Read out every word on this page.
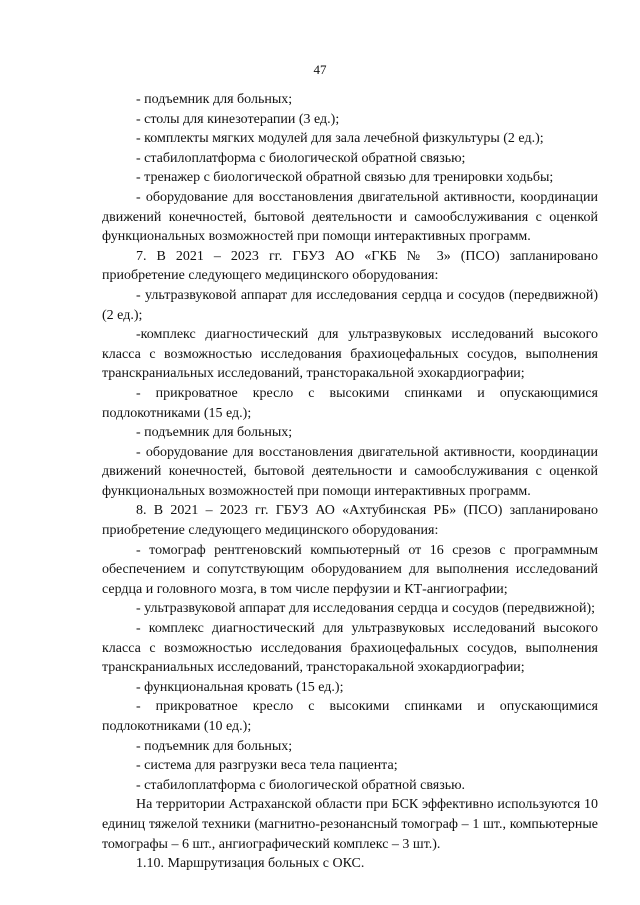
47

- подъемник для больных;

- столы для кинезотерапии (3 ед.);

- комплекты мягких модулей для зала лечебной физкультуры (2 ед.);

- стабилоплатформа с биологической обратной связью;

- тренажер с биологической обратной связью для тренировки ходьбы;

- оборудование для восстановления двигательной активности, координации движений конечностей, бытовой деятельности и самообслуживания с оценкой функциональных возможностей при помощи интерактивных программ.

7. В 2021 – 2023 гг. ГБУЗ АО «ГКБ № 3» (ПСО) запланировано приобретение следующего медицинского оборудования:

- ультразвуковой аппарат для исследования сердца и сосудов (передвижной) (2 ед.);

-комплекс диагностический для ультразвуковых исследований высокого класса с возможностью исследования брахиоцефальных сосудов, выполнения транскраниальных исследований, трансторакальной эхокардиографии;

- прикроватное кресло с высокими спинками и опускающимися подлокотниками (15 ед.);

- подъемник для больных;

- оборудование для восстановления двигательной активности, координации движений конечностей, бытовой деятельности и самообслуживания с оценкой функциональных возможностей при помощи интерактивных программ.

8. В 2021 – 2023 гг. ГБУЗ АО «Ахтубинская РБ» (ПСО) запланировано приобретение следующего медицинского оборудования:

- томограф рентгеновский компьютерный от 16 срезов с программным обеспечением и сопутствующим оборудованием для выполнения исследований сердца и головного мозга, в том числе перфузии и КТ-ангиографии;

- ультразвуковой аппарат для исследования сердца и сосудов (передвижной);

- комплекс диагностический для ультразвуковых исследований высокого класса с возможностью исследования брахиоцефальных сосудов, выполнения транскраниальных исследований, трансторакальной эхокардиографии;

- функциональная кровать (15 ед.);

- прикроватное кресло с высокими спинками и опускающимися подлокотниками (10 ед.);

- подъемник для больных;

- система для разгрузки веса тела пациента;

- стабилоплатформа с биологической обратной связью.

На территории Астраханской области при БСК эффективно используются 10 единиц тяжелой техники (магнитно-резонансный томограф – 1 шт., компьютерные томографы – 6 шт., ангиографический комплекс – 3 шт.).

1.10. Маршрутизация больных с ОКС.
